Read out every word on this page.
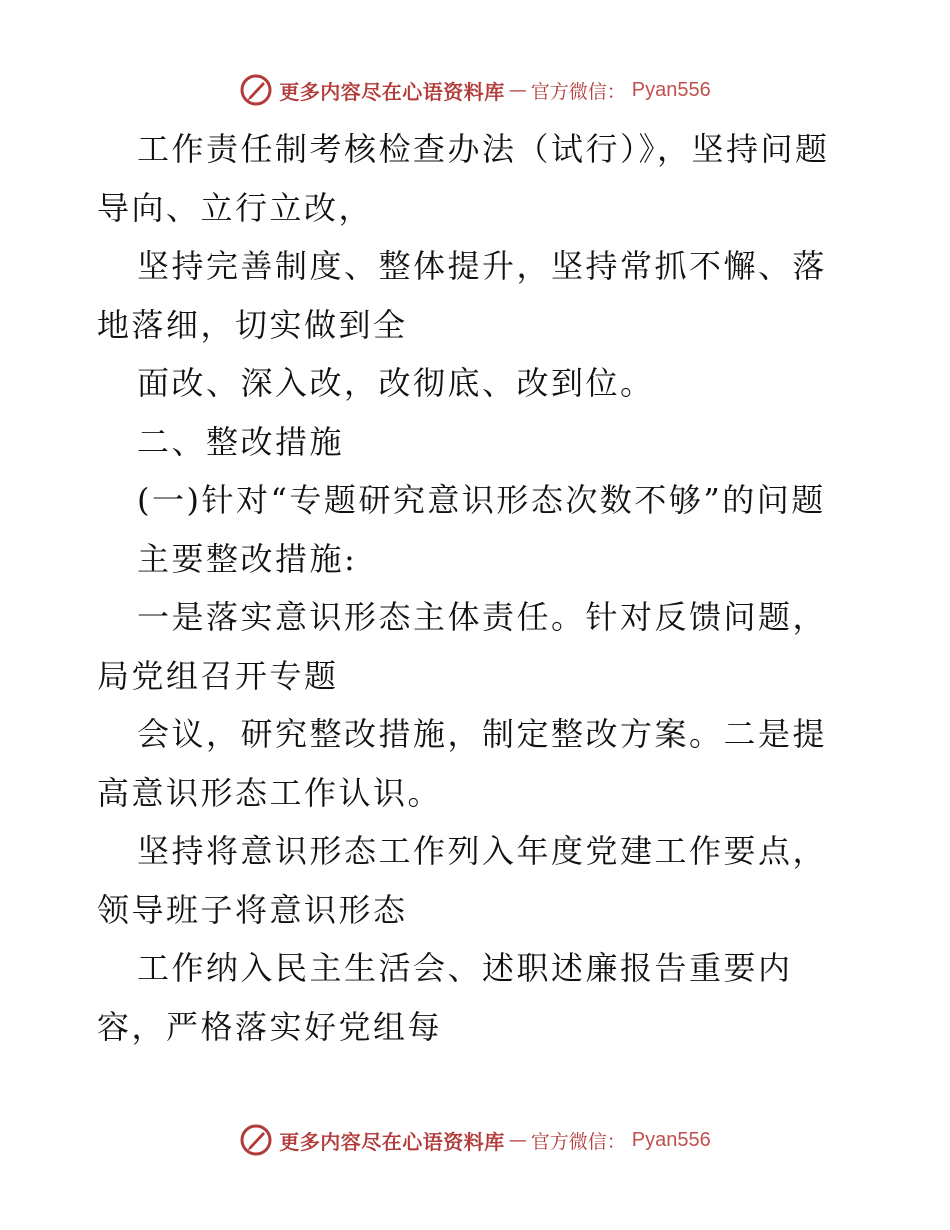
更多内容尽在心语资料库 — 官方微信： Pyan556

工作责任制考核检查办法（试行）》，坚持问题导向、立行立改，

坚持完善制度、整体提升，坚持常抓不懈、落地落细，切实做到全

面改、深入改，改彻底、改到位。

二、整改措施

(一)针对“专题研究意识形态次数不够”的问题

主要整改措施:

一是落实意识形态主体责任。针对反馈问题，局党组召开专题

会议，研究整改措施，制定整改方案。二是提高意识形态工作认识。

坚持将意识形态工作列入年度党建工作要点，领导班子将意识形态

工作纳入民主生活会、述职述廉报告重要内容，严格落实好党组每

更多内容尽在心语资料库 — 官方微信： Pyan556
